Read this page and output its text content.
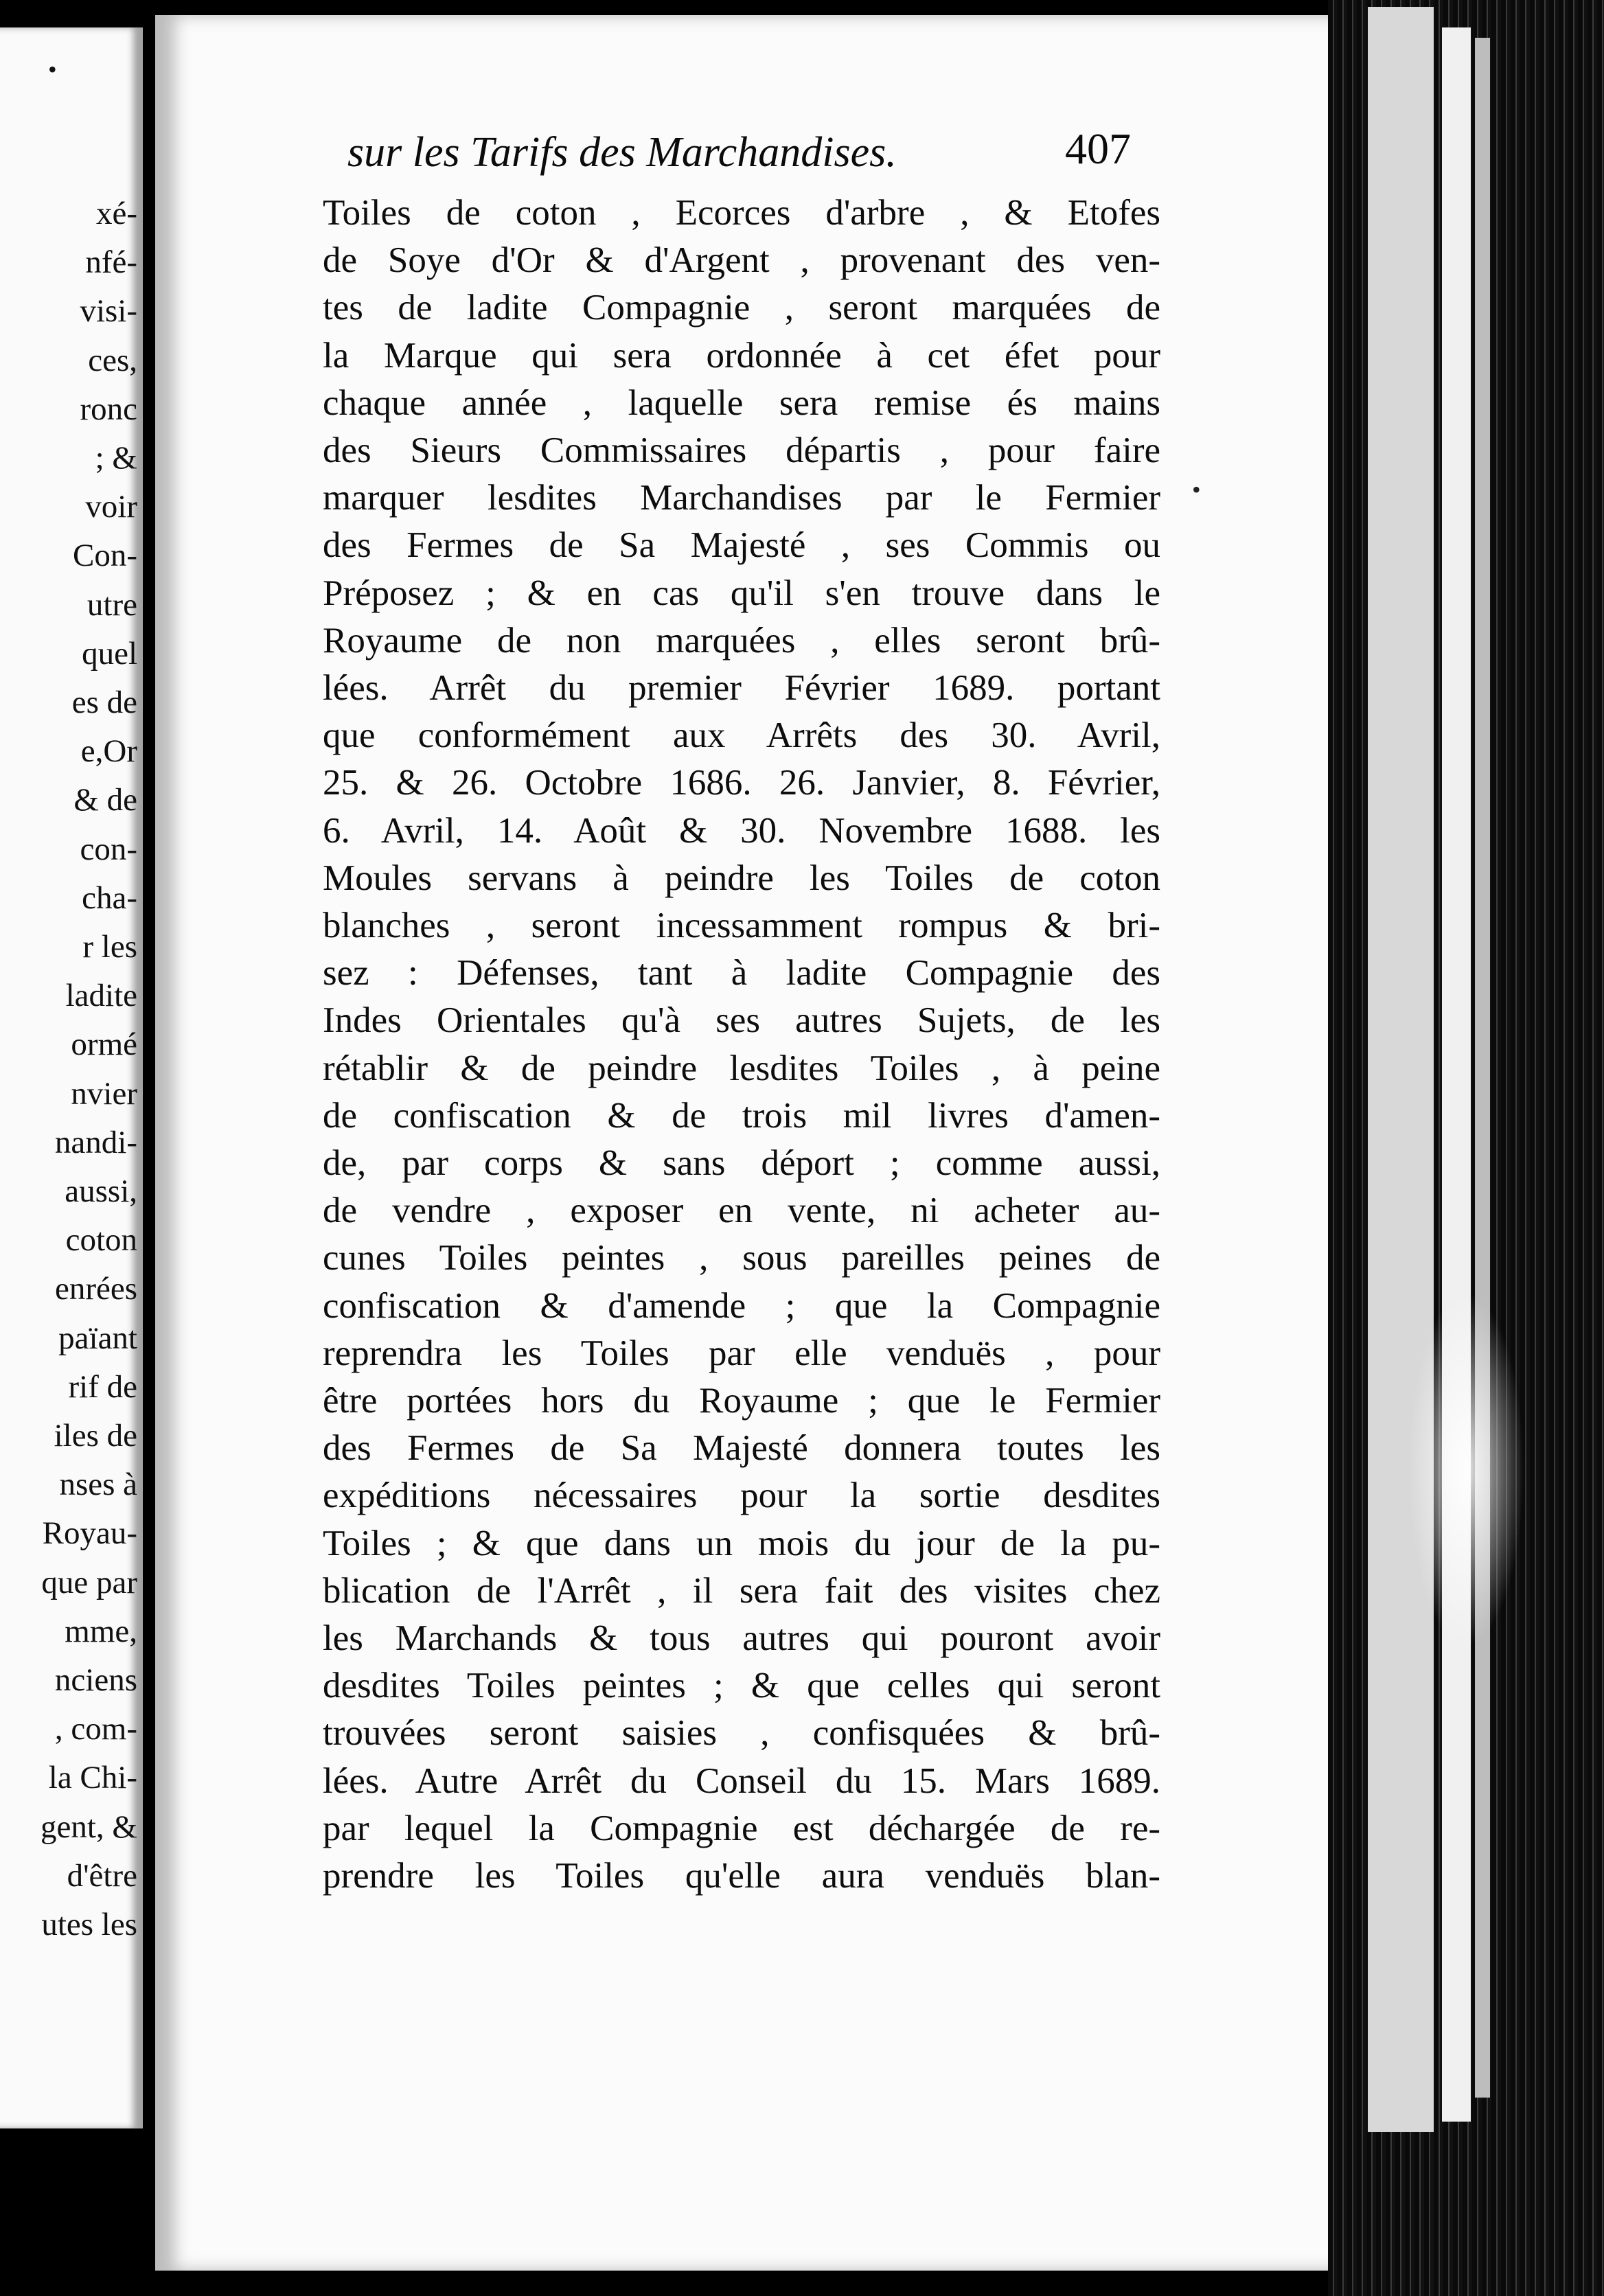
•
xé-
nfé-
visi-
ces,
ronc
; &
voir
Con-
utre
quel
es de
e,Or
& de
con-
cha-
r les
ladite
ormé
nvier
nandi-
aussi,
coton
enrées
païant
rif de
iles de
nses à
Royau-
que par
mme,
nciens
, com-
la Chi-
gent, &
d'être
utes les
sur les Tarifs des Marchandises.	407
Toiles de coton , Ecorces d'arbre , & Etofes
de Soye d'Or & d'Argent , provenant des ven-
tes de ladite Compagnie , seront marquées de
la Marque qui sera ordonnée à cet éfet pour
chaque année , laquelle sera remise és mains
des Sieurs Commissaires départis , pour faire
marquer lesdites Marchandises par le Fermier
des Fermes de Sa Majesté , ses Commis ou
Préposez ; & en cas qu'il s'en trouve dans le
Royaume de non marquées , elles seront brû-
lées. Arrêt du premier Février 1689. portant
que conformément aux Arrêts des 30. Avril,
25. & 26. Octobre 1686. 26. Janvier, 8. Février,
6. Avril, 14. Août & 30. Novembre 1688. les
Moules servans à peindre les Toiles de coton
blanches , seront incessamment rompus & bri-
sez : Défenses, tant à ladite Compagnie des
Indes Orientales qu'à ses autres Sujets, de les
rétablir & de peindre lesdites Toiles , à peine
de confiscation & de trois mil livres d'amen-
de, par corps & sans déport ; comme aussi,
de vendre , exposer en vente, ni acheter au-
cunes Toiles peintes , sous pareilles peines de
confiscation & d'amende ; que la Compagnie
reprendra les Toiles par elle venduës , pour
être portées hors du Royaume ; que le Fermier
des Fermes de Sa Majesté donnera toutes les
expéditions nécessaires pour la sortie desdites
Toiles ; & que dans un mois du jour de la pu-
blication de l'Arrêt , il sera fait des visites chez
les Marchands & tous autres qui pouront avoir
desdites Toiles peintes ; & que celles qui seront
trouvées seront saisies , confisquées & brû-
lées. Autre Arrêt du Conseil du 15. Mars 1689.
par lequel la Compagnie est déchargée de re-
prendre les Toiles qu'elle aura venduës blan-
•
